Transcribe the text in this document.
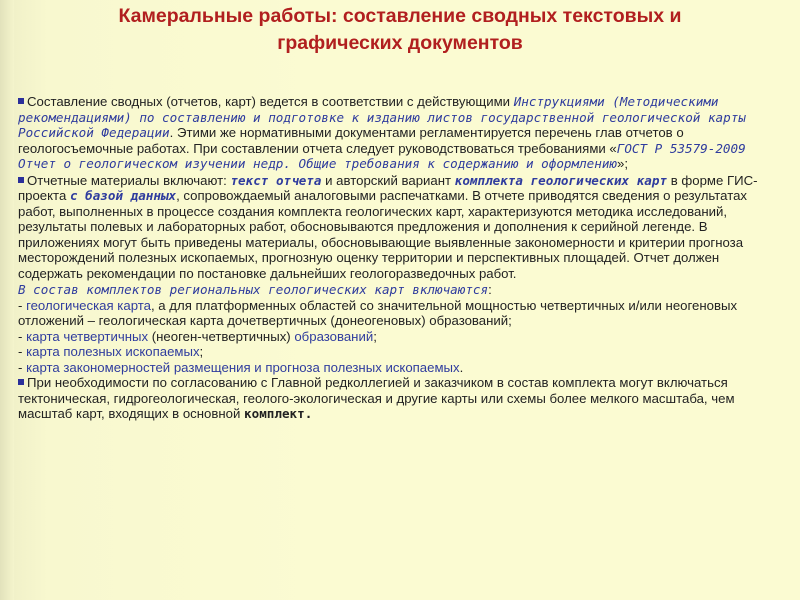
Камеральные работы: составление сводных текстовых и
графических документов

Составление сводных (отчетов, карт) ведется в соответствии с действующими Инструкциями (Методическими рекомендациями) по составлению и подготовке к изданию листов государственной геологической карты Российской Федерации. Этими же нормативными документами регламентируется перечень глав отчетов о геологосъемочные работах. При составлении отчета следует руководствоваться требованиями «ГОСТ Р 53579-2009 Отчет о геологическом изучении недр. Общие требования к содержанию и оформлению»;

Отчетные материалы включают: текст отчета и авторский вариант комплекта геологических карт в форме ГИС-проекта с базой данных, сопровождаемый аналоговыми распечатками. В отчете приводятся сведения о результатах работ, выполненных в процессе создания комплекта геологических карт, характеризуются методика исследований, результаты полевых и лабораторных работ, обосновываются предложения и дополнения к серийной легенде. В приложениях могут быть приведены материалы, обосновывающие выявленные закономерности и критерии прогноза месторождений полезных ископаемых, прогнозную оценку территории и перспективных площадей. Отчет должен содержать рекомендации по постановке дальнейших геологоразведочных работ.

В состав комплектов региональных геологических карт включаются:

- геологическая карта, а для платформенных областей со значительной мощностью четвертичных и/или неогеновых отложений – геологическая карта дочетвертичных (донеогеновых) образований;

- карта четвертичных (неоген-четвертичных) образований;

- карта полезных ископаемых;

- карта закономерностей размещения и прогноза полезных ископаемых.

При необходимости по согласованию с Главной редколлегией и заказчиком в состав комплекта могут включаться тектоническая, гидрогеологическая, геолого-экологическая и другие карты или схемы более мелкого масштаба, чем масштаб карт, входящих в основной комплект.
